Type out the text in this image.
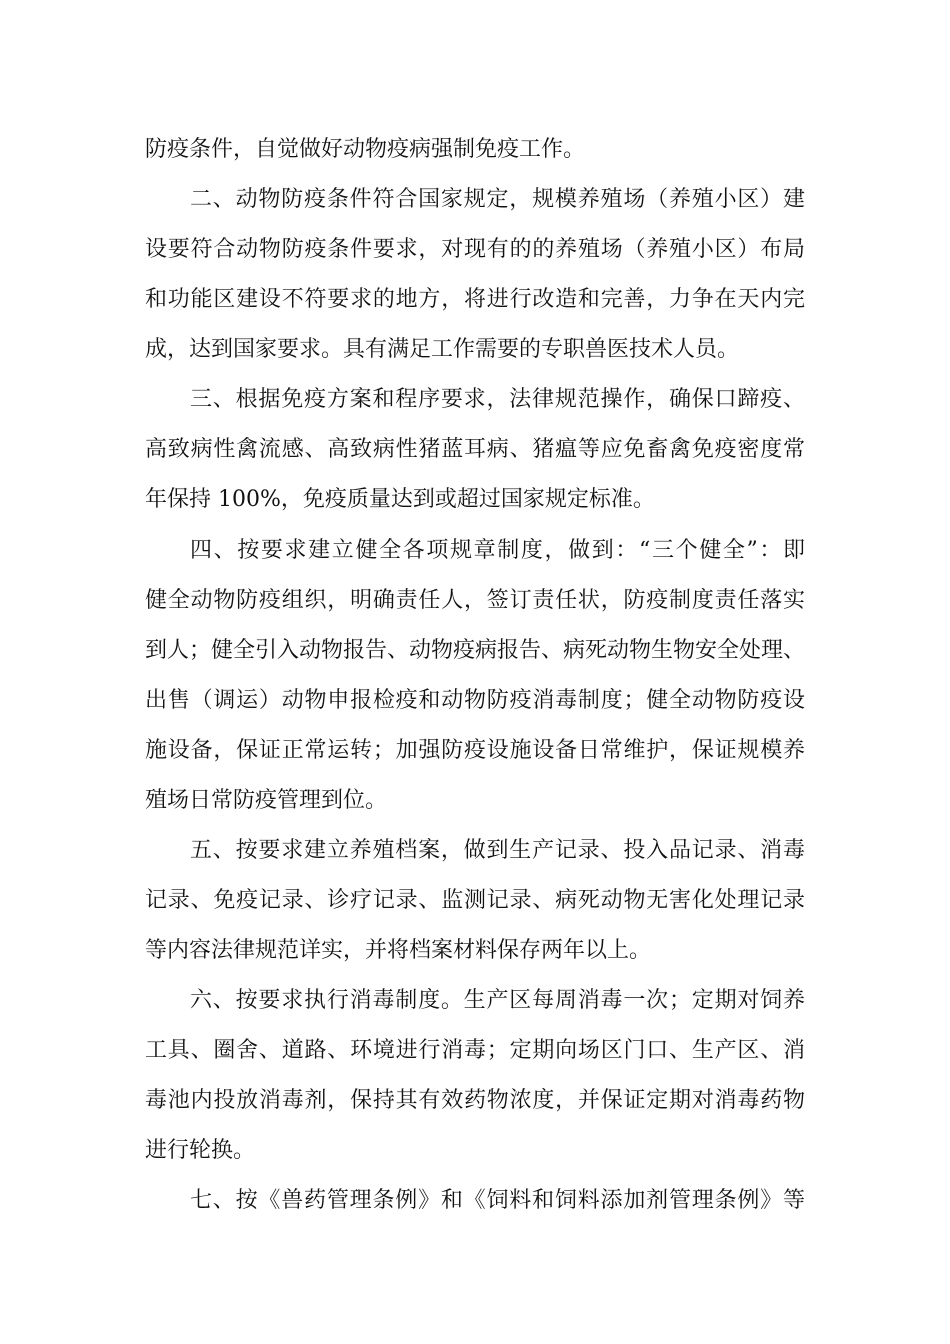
防疫条件，自觉做好动物疫病强制免疫工作。
二、动物防疫条件符合国家规定，规模养殖场（养殖小区）建
设要符合动物防疫条件要求，对现有的的养殖场（养殖小区）布局
和功能区建设不符要求的地方，将进行改造和完善，力争在天内完
成，达到国家要求。具有满足工作需要的专职兽医技术人员。
三、根据免疫方案和程序要求，法律规范操作，确保口蹄疫、
高致病性禽流感、高致病性猪蓝耳病、猪瘟等应免畜禽免疫密度常
年保持 100%，免疫质量达到或超过国家规定标准。
四、按要求建立健全各项规章制度，做到：“三个健全”：即
健全动物防疫组织，明确责任人，签订责任状，防疫制度责任落实
到人；健全引入动物报告、动物疫病报告、病死动物生物安全处理、
出售（调运）动物申报检疫和动物防疫消毒制度；健全动物防疫设
施设备，保证正常运转；加强防疫设施设备日常维护，保证规模养
殖场日常防疫管理到位。
五、按要求建立养殖档案，做到生产记录、投入品记录、消毒
记录、免疫记录、诊疗记录、监测记录、病死动物无害化处理记录
等内容法律规范详实，并将档案材料保存两年以上。
六、按要求执行消毒制度。生产区每周消毒一次；定期对饲养
工具、圈舍、道路、环境进行消毒；定期向场区门口、生产区、消
毒池内投放消毒剂，保持其有效药物浓度，并保证定期对消毒药物
进行轮换。
七、按《兽药管理条例》和《饲料和饲料添加剂管理条例》等
